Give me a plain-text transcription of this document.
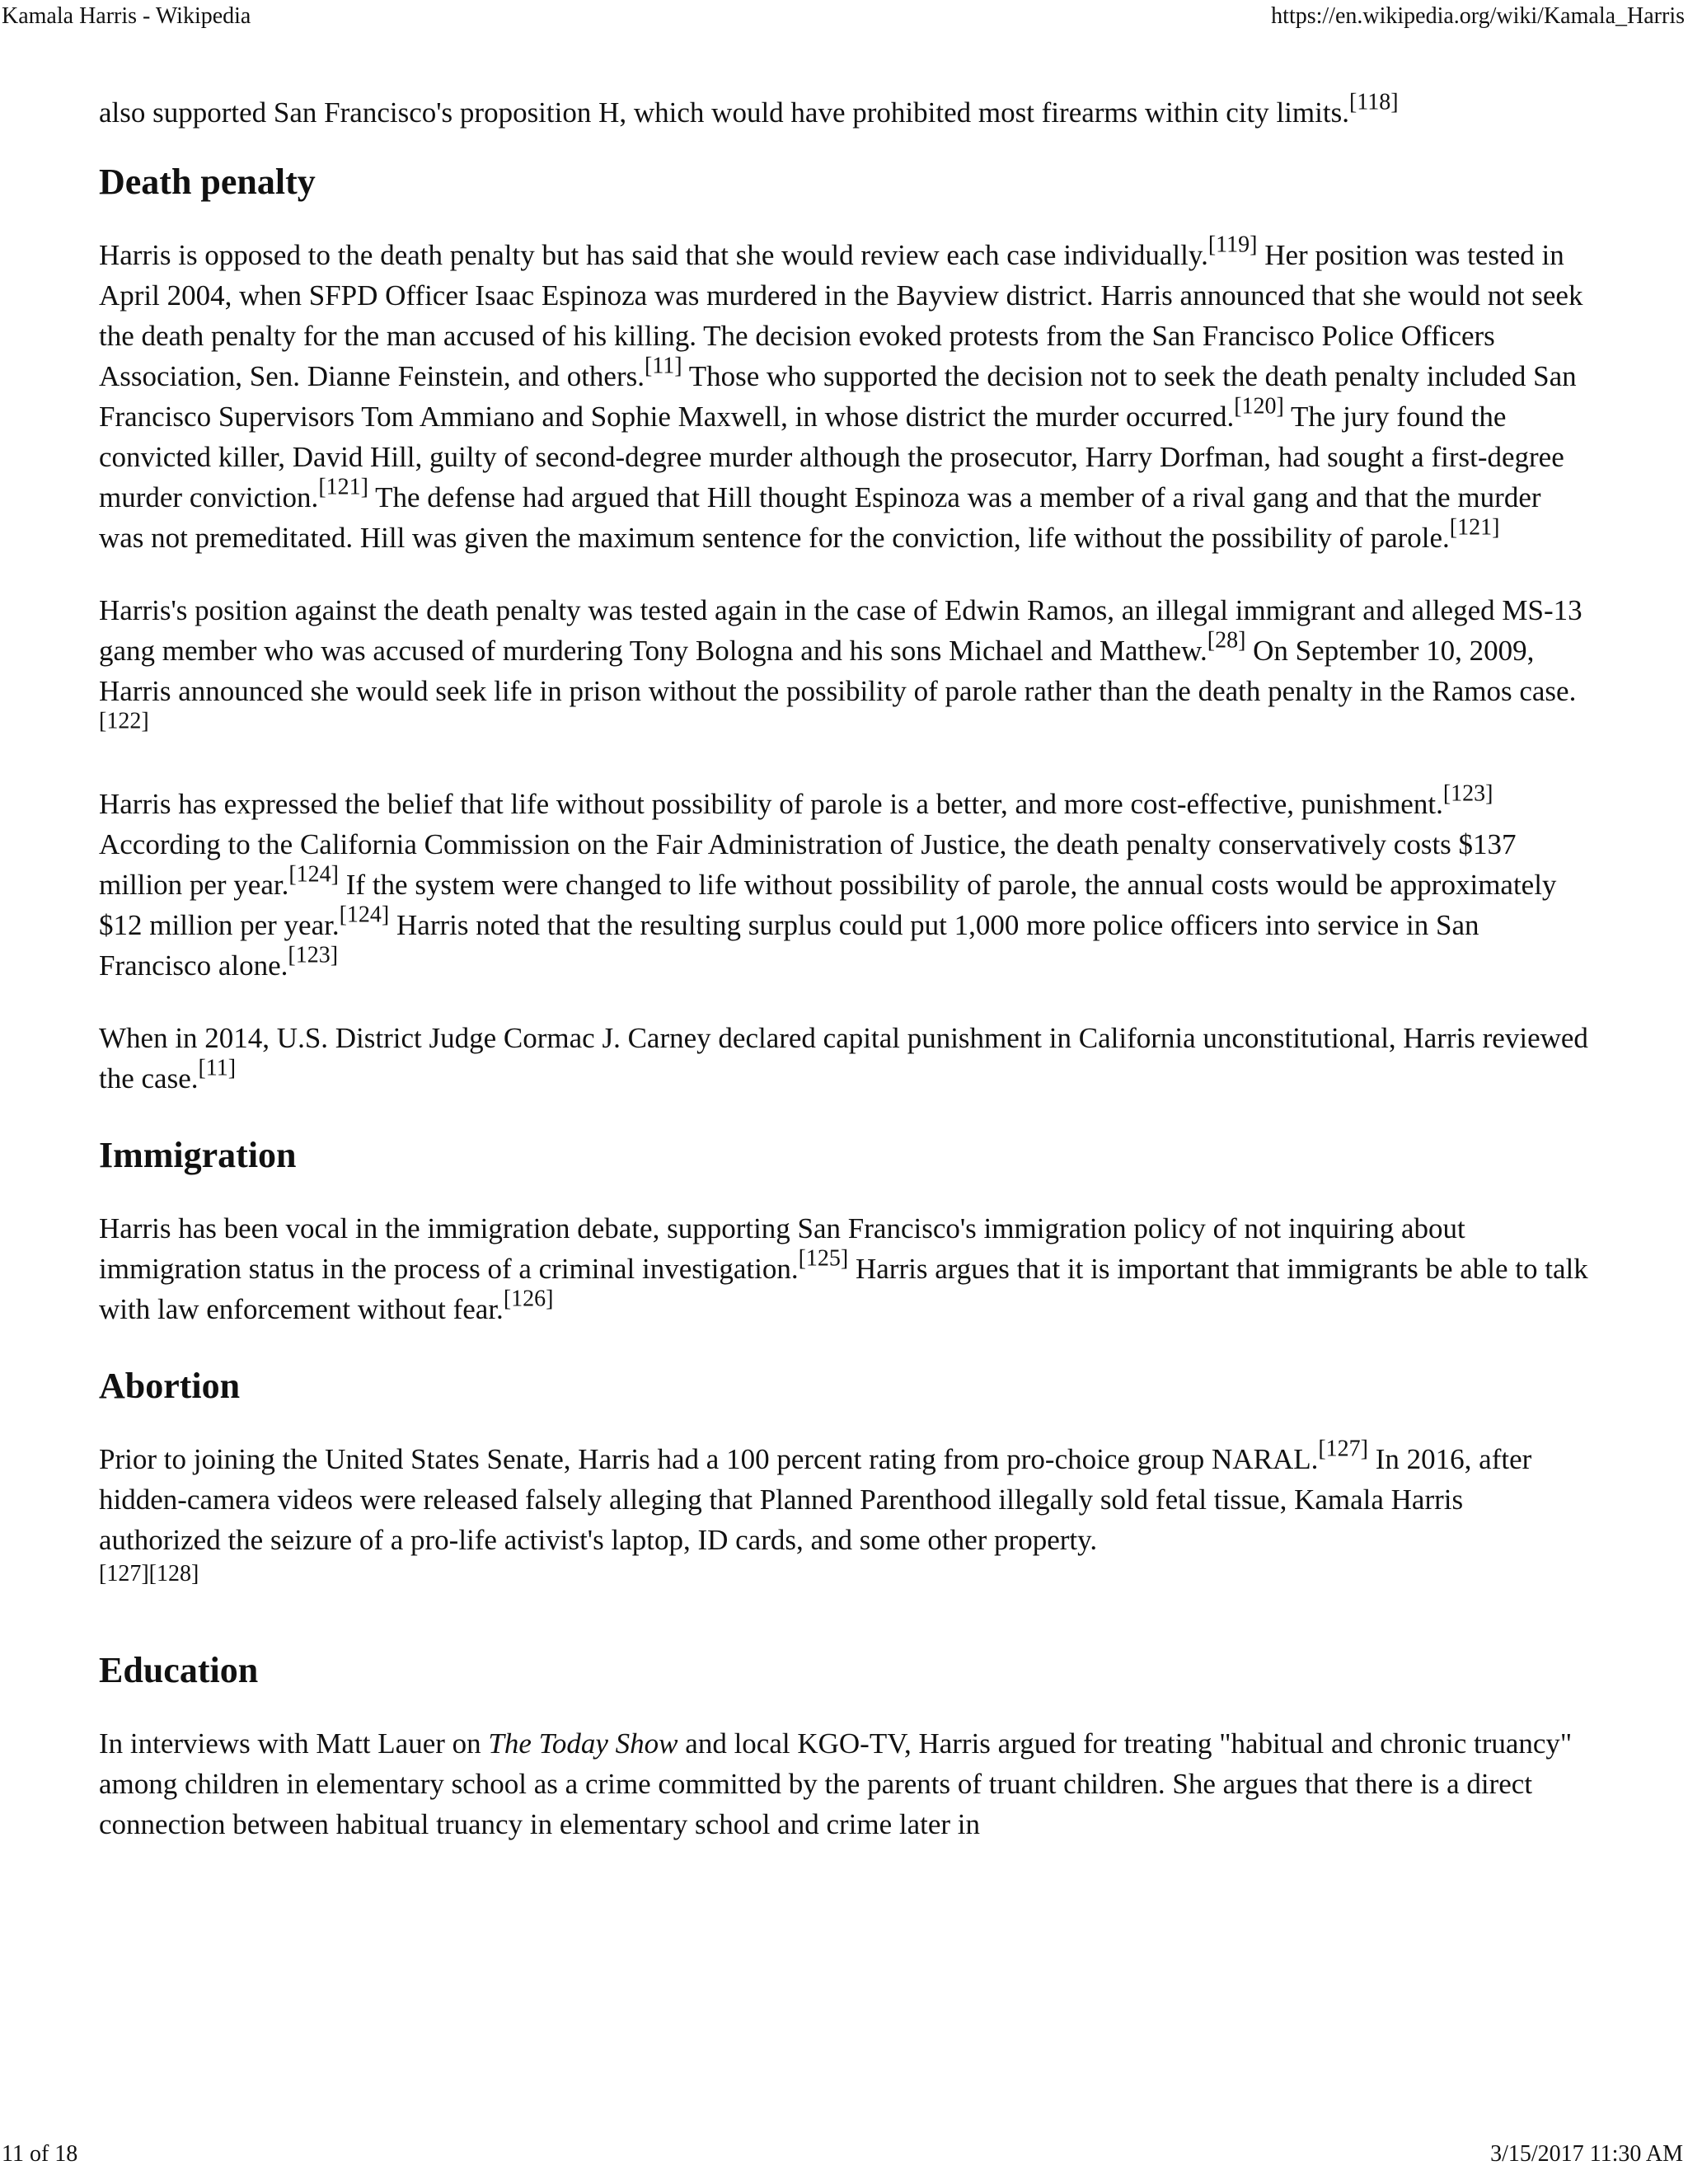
Kamala Harris - Wikipedia	https://en.wikipedia.org/wiki/Kamala_Harris

also supported San Francisco's proposition H, which would have prohibited most firearms within city limits.[118]

Death penalty

Harris is opposed to the death penalty but has said that she would review each case individually.[119] Her position was tested in April 2004, when SFPD Officer Isaac Espinoza was murdered in the Bayview district. Harris announced that she would not seek the death penalty for the man accused of his killing. The decision evoked protests from the San Francisco Police Officers Association, Sen. Dianne Feinstein, and others.[11] Those who supported the decision not to seek the death penalty included San Francisco Supervisors Tom Ammiano and Sophie Maxwell, in whose district the murder occurred.[120] The jury found the convicted killer, David Hill, guilty of second-degree murder although the prosecutor, Harry Dorfman, had sought a first-degree murder conviction.[121] The defense had argued that Hill thought Espinoza was a member of a rival gang and that the murder was not premeditated. Hill was given the maximum sentence for the conviction, life without the possibility of parole.[121]

Harris's position against the death penalty was tested again in the case of Edwin Ramos, an illegal immigrant and alleged MS-13 gang member who was accused of murdering Tony Bologna and his sons Michael and Matthew.[28] On September 10, 2009, Harris announced she would seek life in prison without the possibility of parole rather than the death penalty in the Ramos case.[122]

Harris has expressed the belief that life without possibility of parole is a better, and more cost-effective, punishment.[123] According to the California Commission on the Fair Administration of Justice, the death penalty conservatively costs $137 million per year.[124] If the system were changed to life without possibility of parole, the annual costs would be approximately $12 million per year.[124] Harris noted that the resulting surplus could put 1,000 more police officers into service in San Francisco alone.[123]

When in 2014, U.S. District Judge Cormac J. Carney declared capital punishment in California unconstitutional, Harris reviewed the case.[11]

Immigration

Harris has been vocal in the immigration debate, supporting San Francisco's immigration policy of not inquiring about immigration status in the process of a criminal investigation.[125] Harris argues that it is important that immigrants be able to talk with law enforcement without fear.[126]

Abortion

Prior to joining the United States Senate, Harris had a 100 percent rating from pro-choice group NARAL.[127] In 2016, after hidden-camera videos were released falsely alleging that Planned Parenthood illegally sold fetal tissue, Kamala Harris authorized the seizure of a pro-life activist's laptop, ID cards, and some other property.
[127][128]

Education

In interviews with Matt Lauer on The Today Show and local KGO-TV, Harris argued for treating "habitual and chronic truancy" among children in elementary school as a crime committed by the parents of truant children. She argues that there is a direct connection between habitual truancy in elementary school and crime later in

11 of 18	3/15/2017 11:30 AM
